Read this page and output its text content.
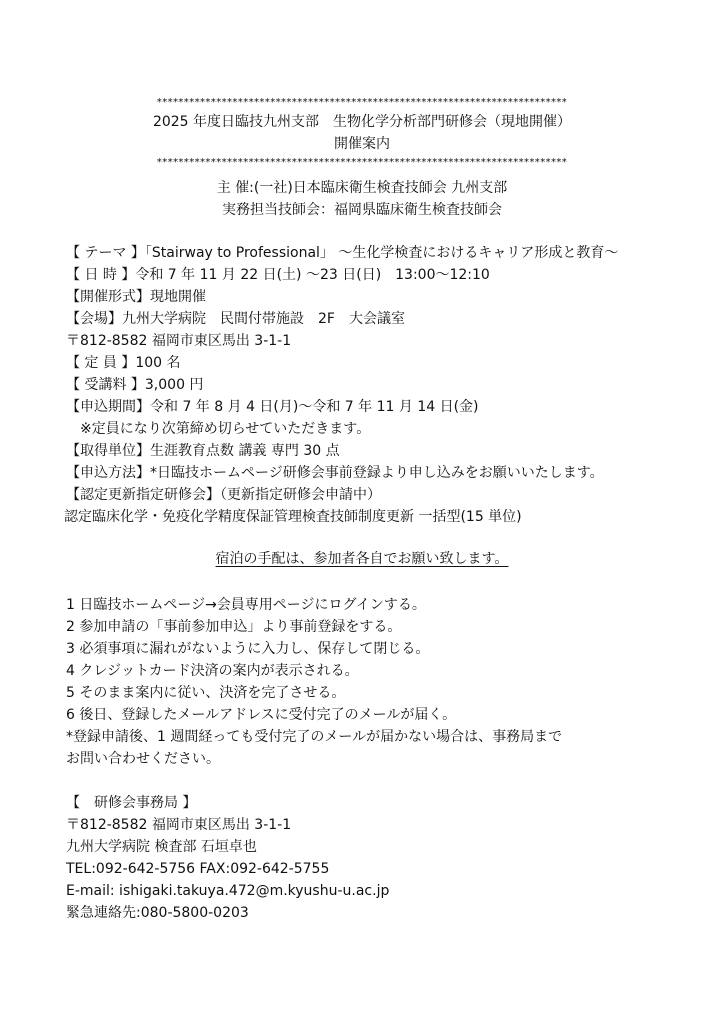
****************************************************************************
2025 年度日臨技九州支部　生物化学分析部門研修会（現地開催）
開催案内
****************************************************************************
主 催:(一社)日本臨床衛生検査技師会 九州支部
実務担当技師会：福岡県臨床衛生検査技師会
【 テーマ 】「Stairway to Professional」 ～生化学検査におけるキャリア形成と教育～
【 日 時 】令和 7 年 11 月 22 日(土) ～23 日(日)　13:00～12:10
【開催形式】現地開催
【会場】九州大学病院　民間付帯施設　2F　大会議室
〒812-8582 福岡市東区馬出 3-1-1
【 定 員 】100 名
【 受講料 】3,000 円
【申込期間】令和 7 年 8 月 4 日(月)～令和 7 年 11 月 14 日(金)
※定員になり次第締め切らせていただきます。
【取得単位】生涯教育点数 講義 専門 30 点
【申込方法】*日臨技ホームページ研修会事前登録より申し込みをお願いいたします。
【認定更新指定研修会】（更新指定研修会申請中）
認定臨床化学・免疫化学精度保証管理検査技師制度更新 一括型(15 単位)
宿泊の手配は、参加者各自でお願い致します。
1 日臨技ホームページ→会員専用ページにログインする。
2 参加申請の「事前参加申込」より事前登録をする。
3 必須事項に漏れがないように入力し、保存して閉じる。
4 クレジットカード決済の案内が表示される。
5 そのまま案内に従い、決済を完了させる。
6 後日、登録したメールアドレスに受付完了のメールが届く。
*登録申請後、1 週間経っても受付完了のメールが届かない場合は、事務局まで
お問い合わせください。
【　研修会事務局 】
〒812-8582 福岡市東区馬出 3-1-1
九州大学病院 検査部 石垣卓也
TEL:092-642-5756 FAX:092-642-5755
E-mail: ishigaki.takuya.472@m.kyushu-u.ac.jp
緊急連絡先:080-5800-0203
